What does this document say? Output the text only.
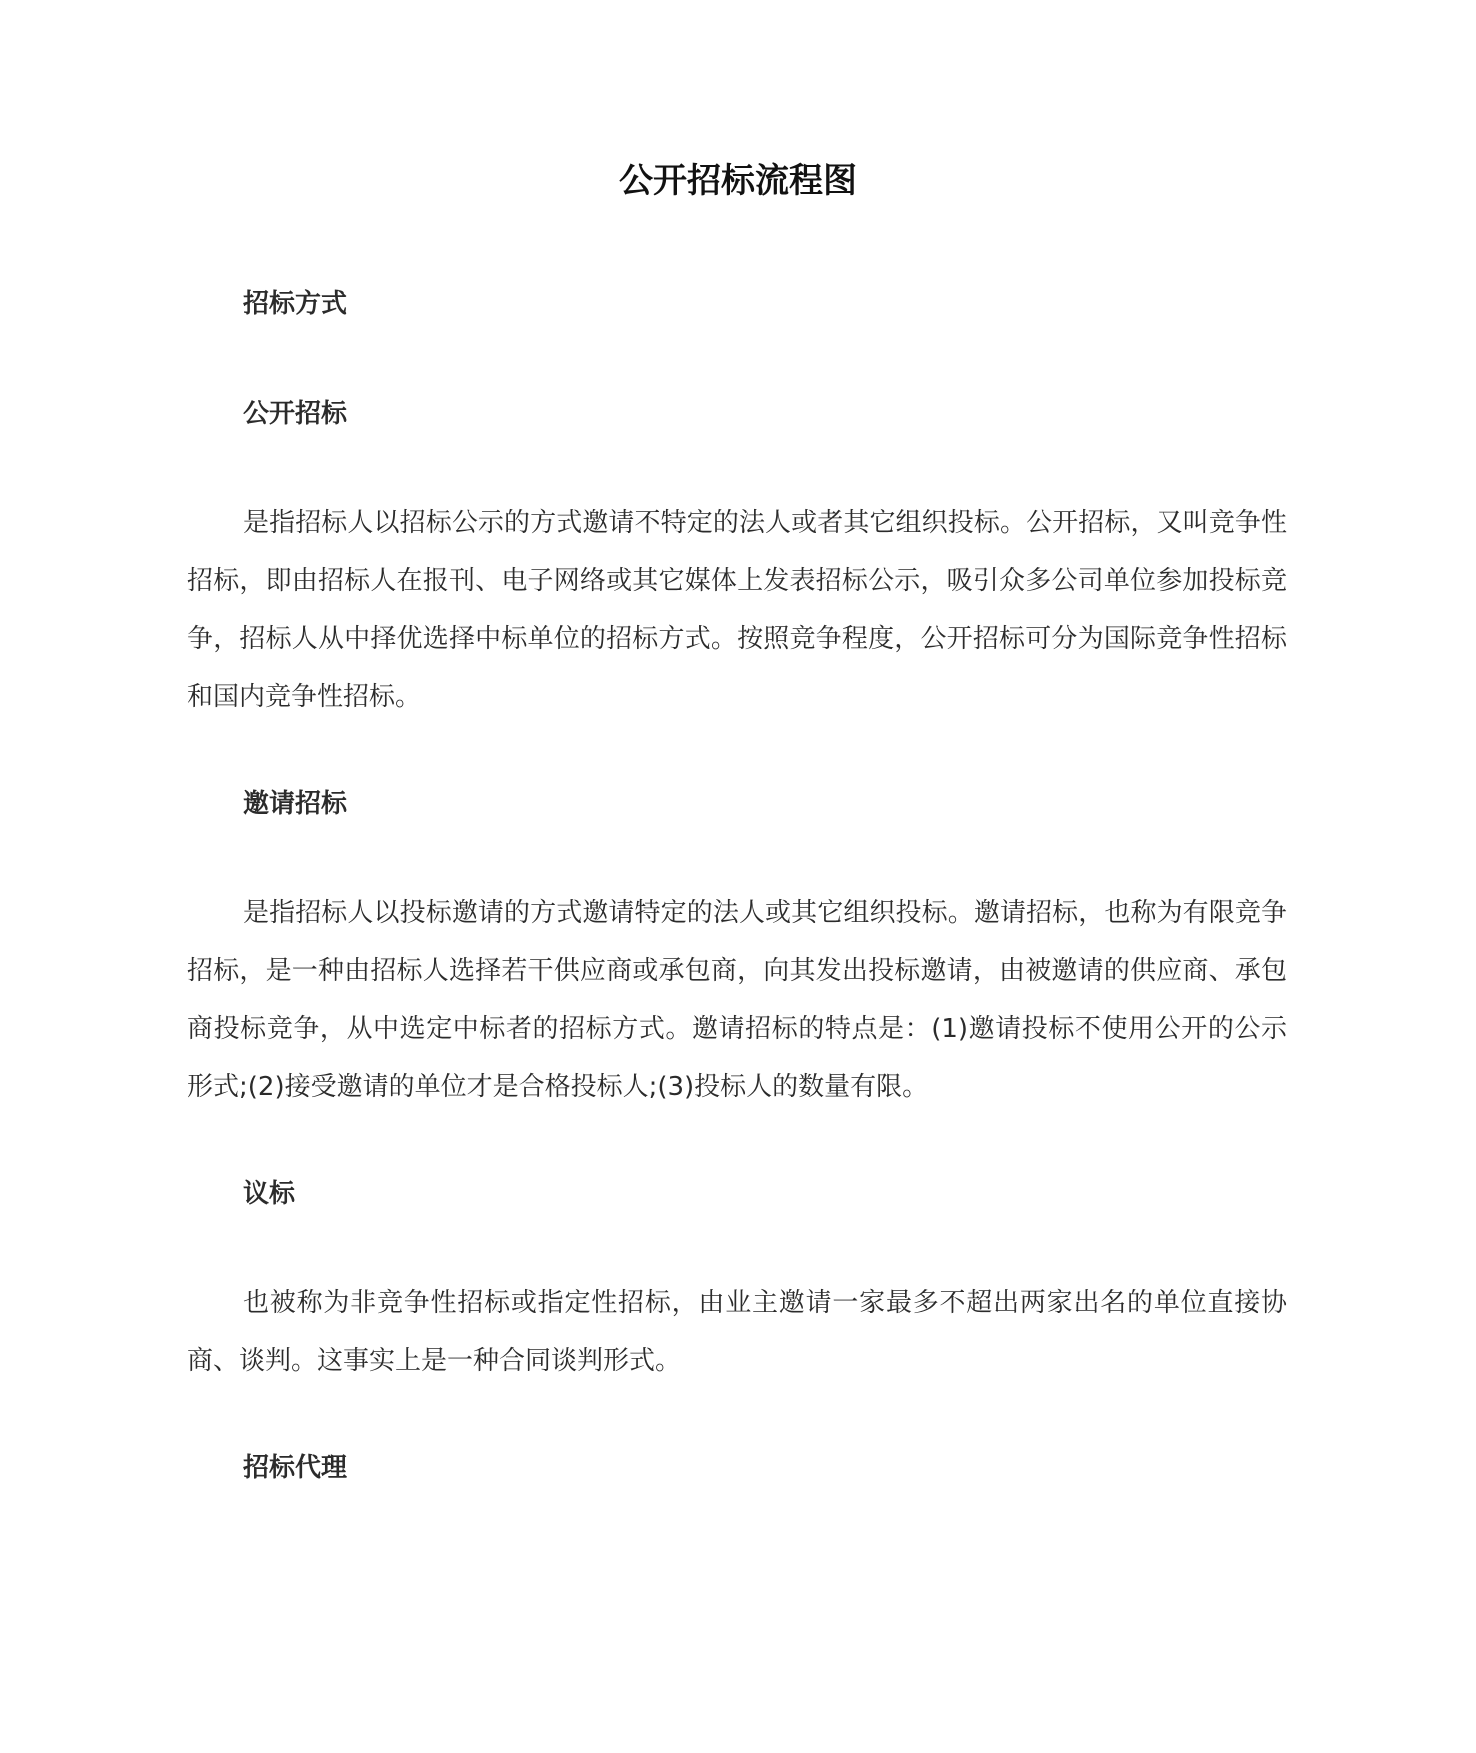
公开招标流程图
招标方式
公开招标

是指招标人以招标公示的方式邀请不特定的法人或者其它组织投标。公开招标，又叫竞争性招标，即由招标人在报刊、电子网络或其它媒体上发表招标公示，吸引众多公司单位参加投标竞争，招标人从中择优选择中标单位的招标方式。按照竞争程度，公开招标可分为国际竞争性招标和国内竞争性招标。

邀请招标

是指招标人以投标邀请的方式邀请特定的法人或其它组织投标。邀请招标，也称为有限竞争招标，是一种由招标人选择若干供应商或承包商，向其发出投标邀请，由被邀请的供应商、承包商投标竞争，从中选定中标者的招标方式。邀请招标的特点是：(1)邀请投标不使用公开的公示形式;(2)接受邀请的单位才是合格投标人;(3)投标人的数量有限。

议标

也被称为非竞争性招标或指定性招标，由业主邀请一家最多不超出两家出名的单位直接协商、谈判。这事实上是一种合同谈判形式。

招标代理
